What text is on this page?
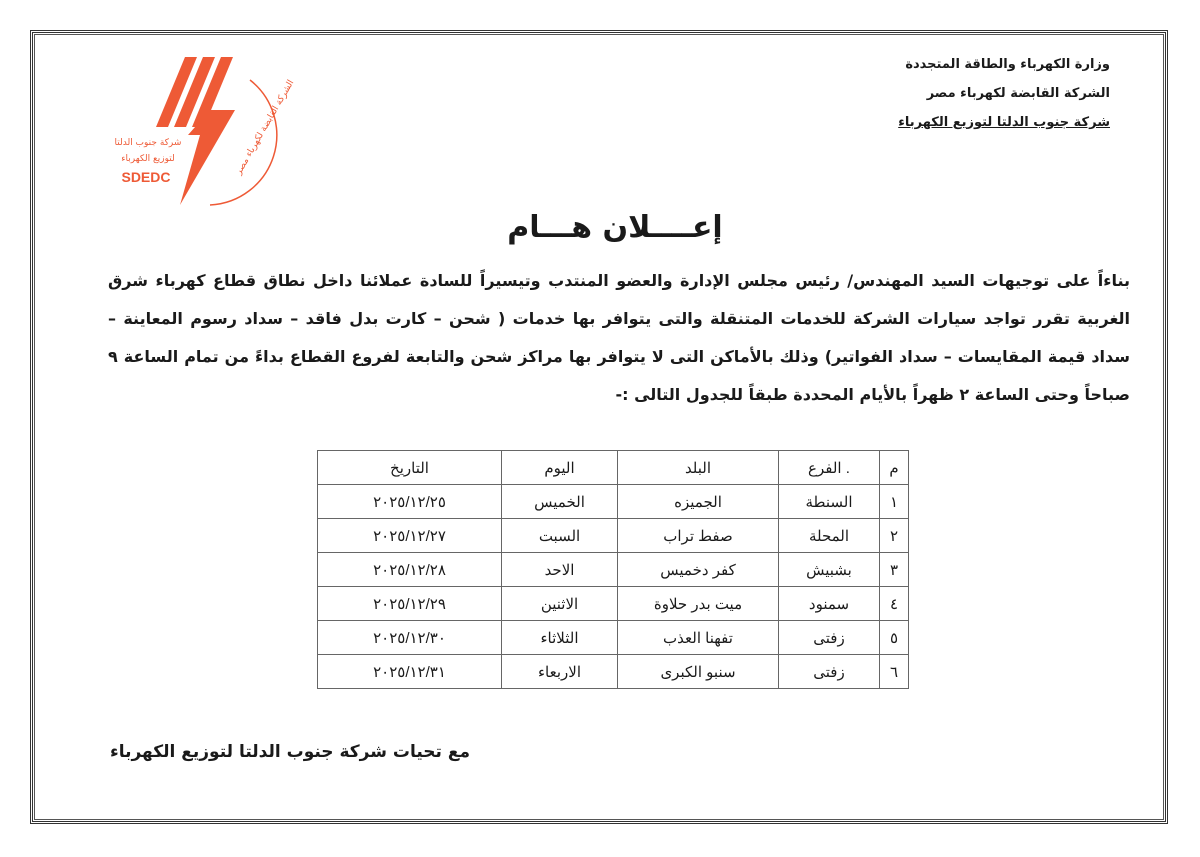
الشركة القابضة لكهرباء مصر
شركة جنوب الدلتا
لتوزيع الكهرباء
SDEDC
وزارة الكهرباء والطاقة المتجددة
الشركة القابضة لكهرباء مصر
شركة جنوب الدلتا لتوزيع الكهرباء
إعــــلان هـــام
بناءاً على توجيهات السيد المهندس/ رئيس مجلس الإدارة والعضو المنتدب وتيسيراً للسادة عملائنا داخل نطاق قطاع كهرباء شرق الغربية تقرر تواجد سيارات الشركة للخدمات المتنقلة والتى يتوافر بها خدمات ( شحن – كارت بدل فاقد – سداد رسوم المعاينة – سداد قيمة المقايسات – سداد الفواتير) وذلك بالأماكن التى لا يتوافر بها مراكز شحن والتابعة لفروع القطاع بداءً من تمام الساعة ٩ صباحاً وحتى الساعة ٢ ظهراً بالأيام المحددة طبقاً للجدول التالى :-
م	. الفرع	البلد	اليوم	التاريخ
١	السنطة	الجميزه	الخميس	٢٠٢٥/١٢/٢٥
٢	المحلة	صفط تراب	السبت	٢٠٢٥/١٢/٢٧
٣	بشبيش	كفر دخميس	الاحد	٢٠٢٥/١٢/٢٨
٤	سمنود	ميت بدر حلاوة	الاثنين	٢٠٢٥/١٢/٢٩
٥	زفتى	تفهنا العذب	الثلاثاء	٢٠٢٥/١٢/٣٠
٦	زفتى	سنبو الكبرى	الاربعاء	٢٠٢٥/١٢/٣١
مع تحيات شركة جنوب الدلتا لتوزيع الكهرباء
